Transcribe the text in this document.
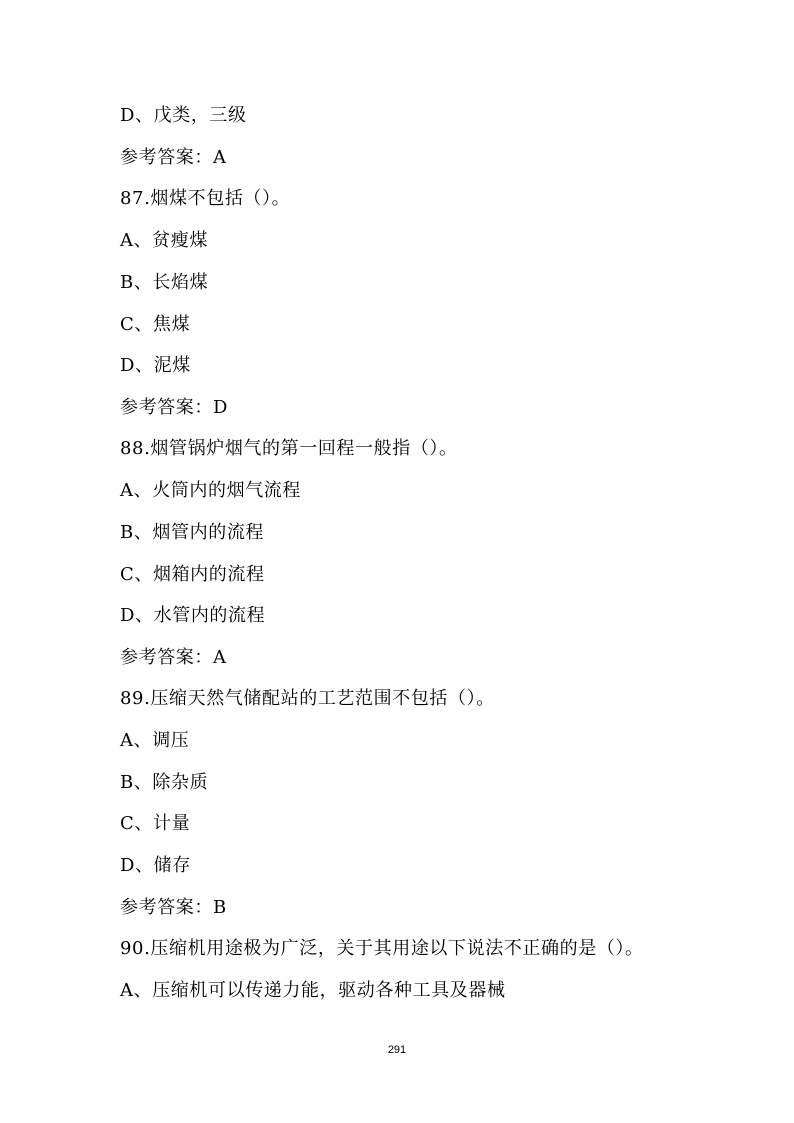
D、戊类，三级
参考答案：A
87.烟煤不包括（）。
A、贫瘦煤
B、长焰煤
C、焦煤
D、泥煤
参考答案：D
88.烟管锅炉烟气的第一回程一般指（）。
A、火筒内的烟气流程
B、烟管内的流程
C、烟箱内的流程
D、水管内的流程
参考答案：A
89.压缩天然气储配站的工艺范围不包括（）。
A、调压
B、除杂质
C、计量
D、储存
参考答案：B
90.压缩机用途极为广泛，关于其用途以下说法不正确的是（）。
A、压缩机可以传递力能，驱动各种工具及器械
291
